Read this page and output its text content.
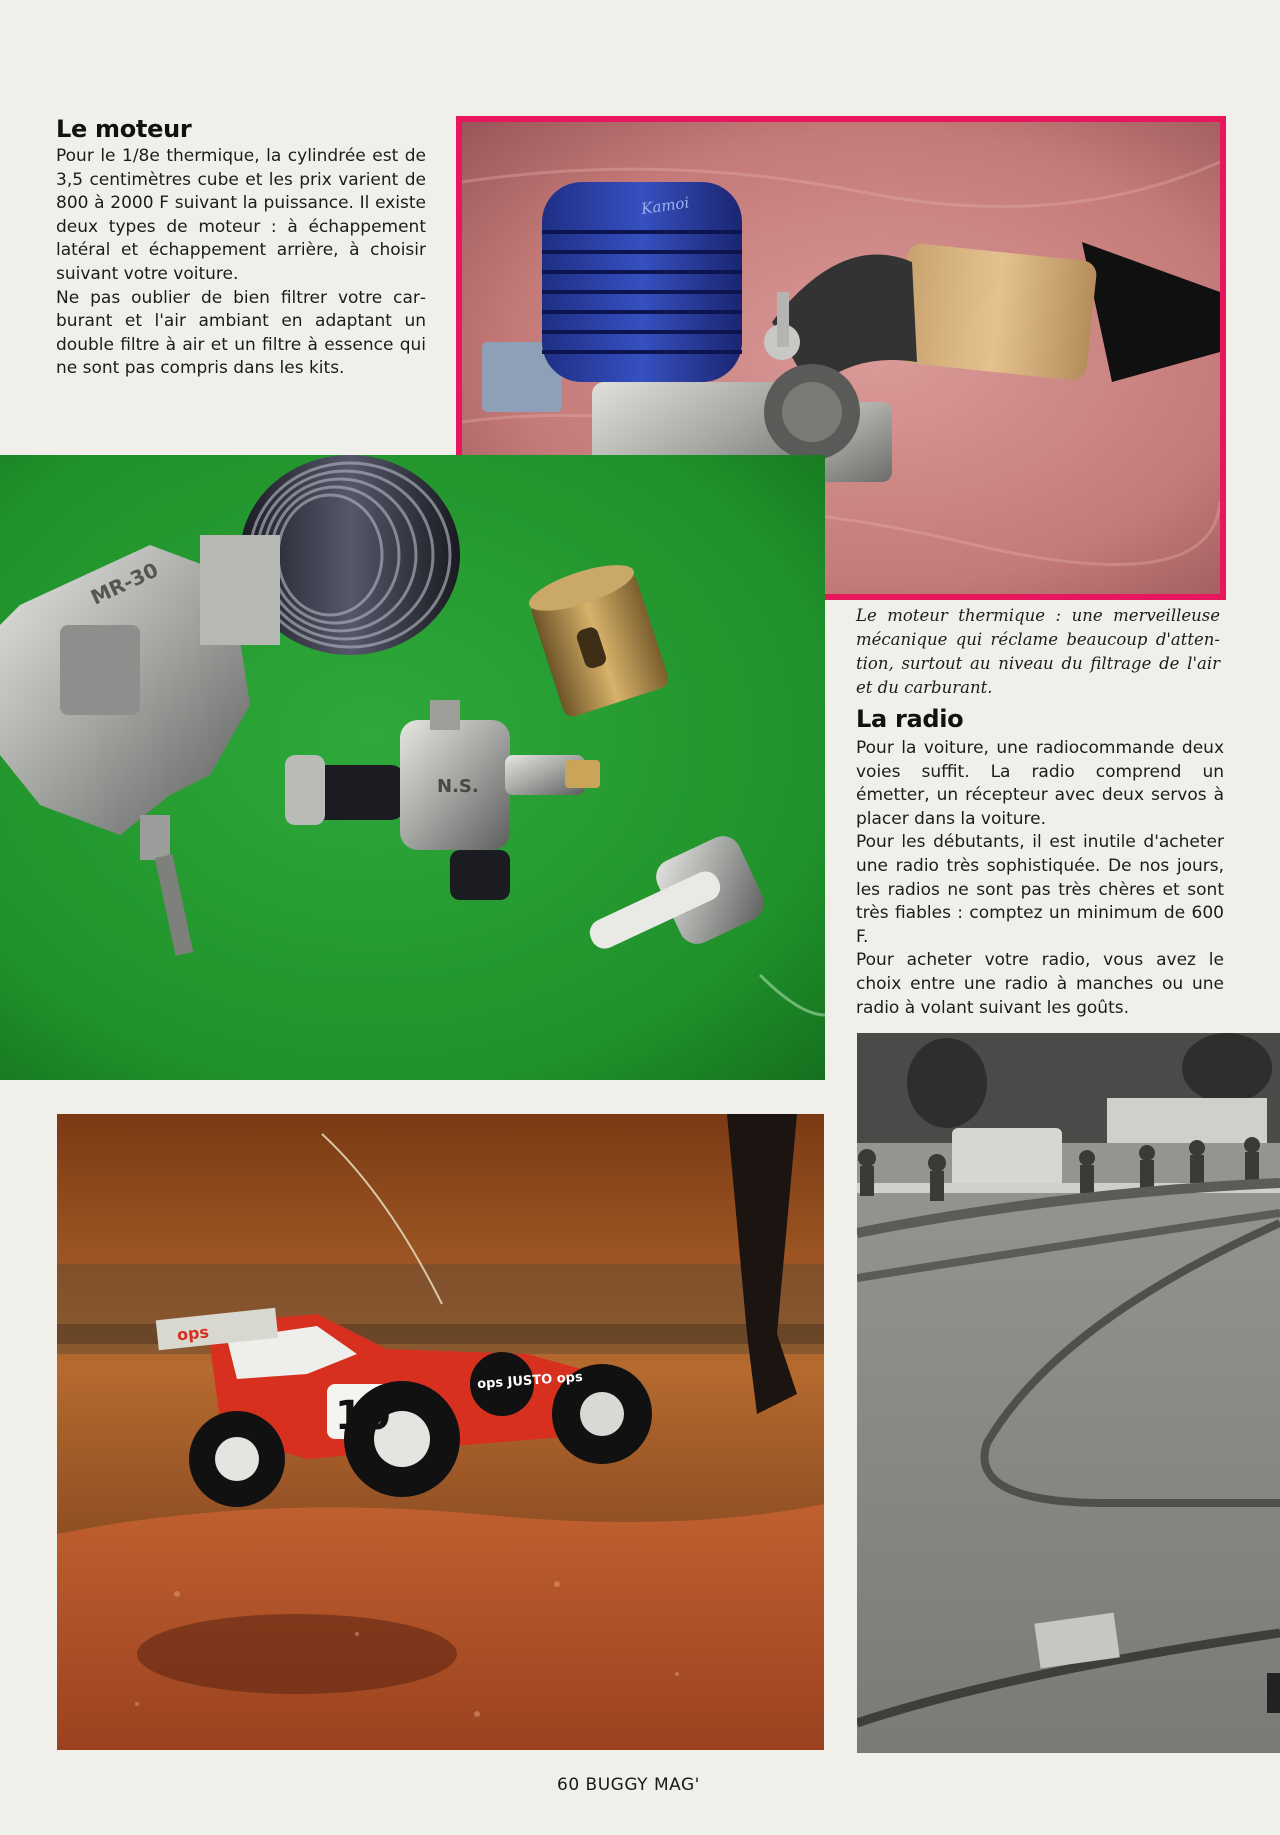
Le moteur

Pour le 1/8e thermique, la cylindrée est de 3,5 centimètres cube et les prix varient de 800 à 2000 F suivant la puissance. Il existe deux types de moteur : à échappement latéral et échappement arrière, à choisir suivant votre voiture.

Ne pas oublier de bien filtrer votre carburant et l'air ambiant en adaptant un double filtre à air et un filtre à essence qui ne sont pas compris dans les kits.

Kamoi
MR-30
N.S.
Le moteur thermique : une merveilleuse mécanique qui réclame beaucoup d'attention, surtout au niveau du filtrage de l'air et du carburant.
La radio

Pour la voiture, une radiocommande deux voies suffit. La radio comprend un émetter, un récepteur avec deux servos à placer dans la voiture.

Pour les débutants, il est inutile d'acheter une radio très sophistiquée. De nos jours, les radios ne sont pas très chères et sont très fiables : comptez un minimum de 600 F.

Pour acheter votre radio, vous avez le choix entre une radio à manches ou une radio à volant suivant les goûts.

10
ops
ops JUSTO ops
60 BUGGY MAG'
